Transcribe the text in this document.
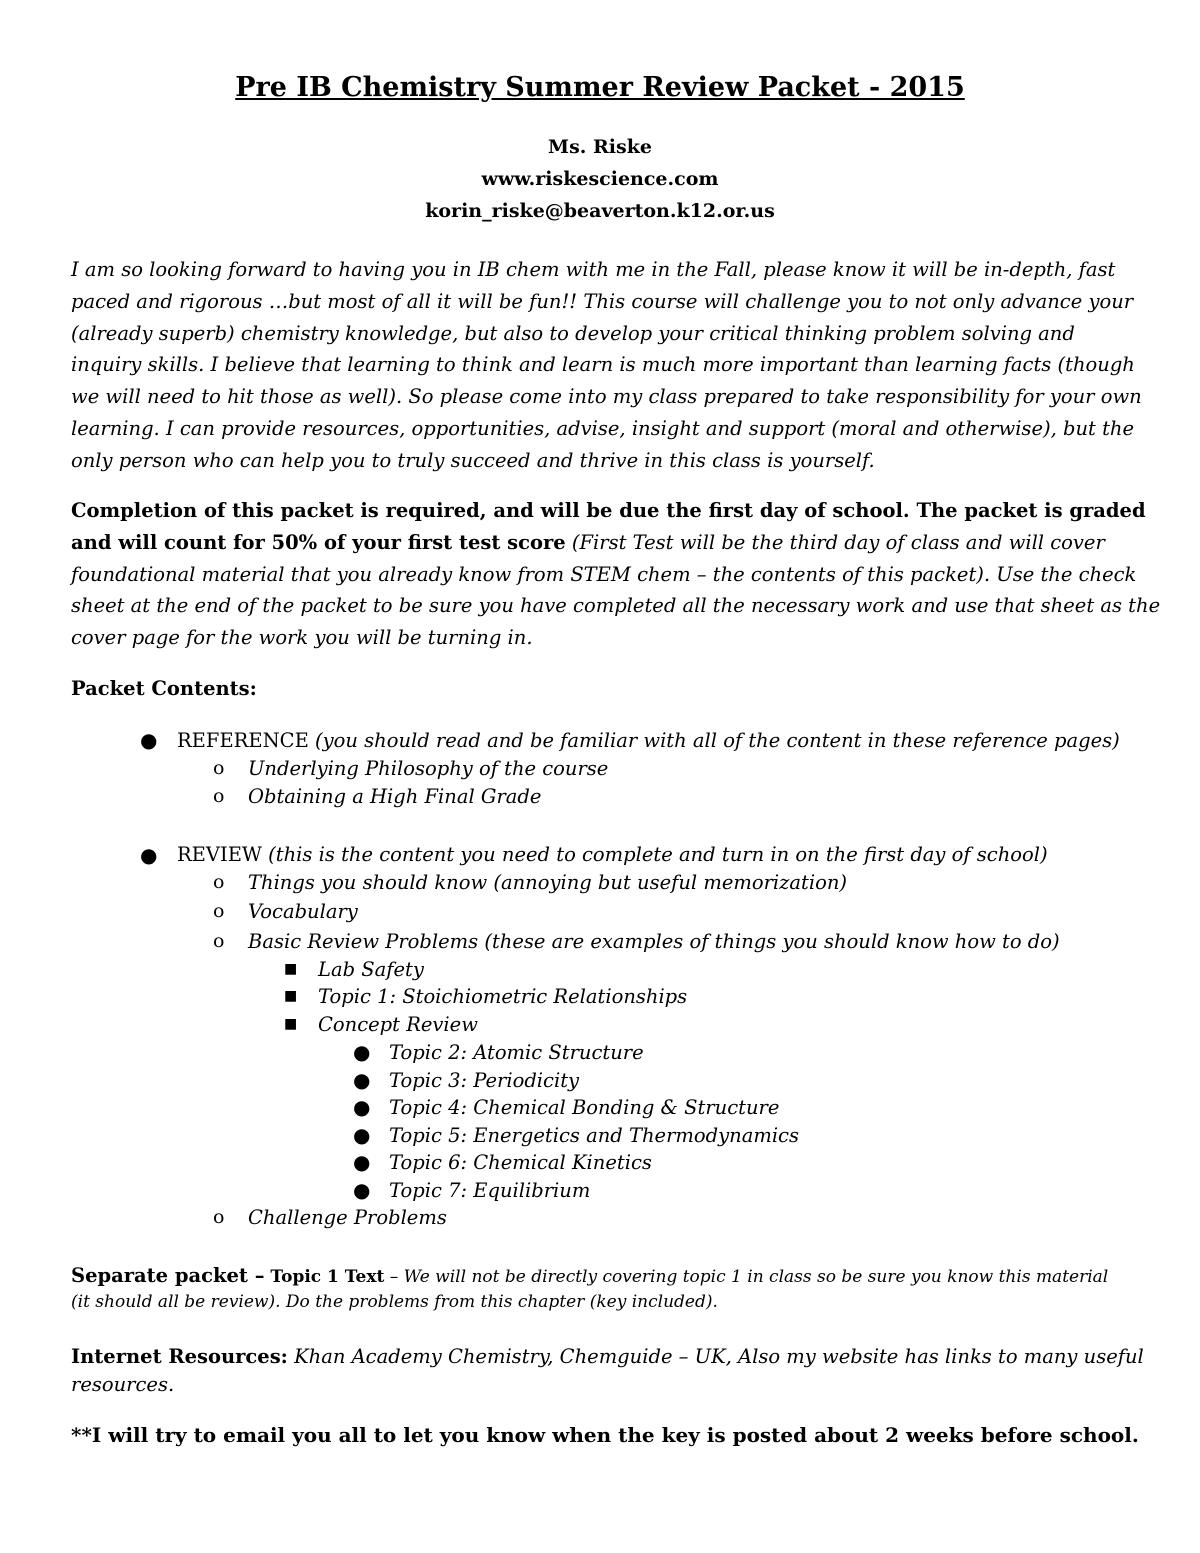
Pre IB Chemistry Summer Review Packet - 2015
Ms. Riske
www.riskescience.com
korin_riske@beaverton.k12.or.us
I am so looking forward to having you in IB chem with me in the Fall, please know it will be in-depth, fast
paced and rigorous …but most of all it will be fun!! This course will challenge you to not only advance your
(already superb) chemistry knowledge, but also to develop your critical thinking problem solving and
inquiry skills. I believe that learning to think and learn is much more important than learning facts (though
we will need to hit those as well). So please come into my class prepared to take responsibility for your own
learning. I can provide resources, opportunities, advise, insight and support (moral and otherwise), but the
only person who can help you to truly succeed and thrive in this class is yourself.
Completion of this packet is required, and will be due the first day of school. The packet is graded
and will count for 50% of your first test score (First Test will be the third day of class and will cover
foundational material that you already know from STEM chem – the contents of this packet). Use the check
sheet at the end of the packet to be sure you have completed all the necessary work and use that sheet as the
cover page for the work you will be turning in.
Packet Contents:
● REFERENCE (you should read and be familiar with all of the content in these reference pages)
o Underlying Philosophy of the course
o Obtaining a High Final Grade
● REVIEW (this is the content you need to complete and turn in on the first day of school)
o Things you should know (annoying but useful memorization)
o Vocabulary
o Basic Review Problems (these are examples of things you should know how to do)
■ Lab Safety
■ Topic 1: Stoichiometric Relationships
■ Concept Review
● Topic 2: Atomic Structure
● Topic 3: Periodicity
● Topic 4: Chemical Bonding & Structure
● Topic 5: Energetics and Thermodynamics
● Topic 6: Chemical Kinetics
● Topic 7: Equilibrium
o Challenge Problems
Separate packet – Topic 1 Text – We will not be directly covering topic 1 in class so be sure you know this material
(it should all be review). Do the problems from this chapter (key included).
Internet Resources: Khan Academy Chemistry, Chemguide – UK, Also my website has links to many useful
resources.
**I will try to email you all to let you know when the key is posted about 2 weeks before school.
